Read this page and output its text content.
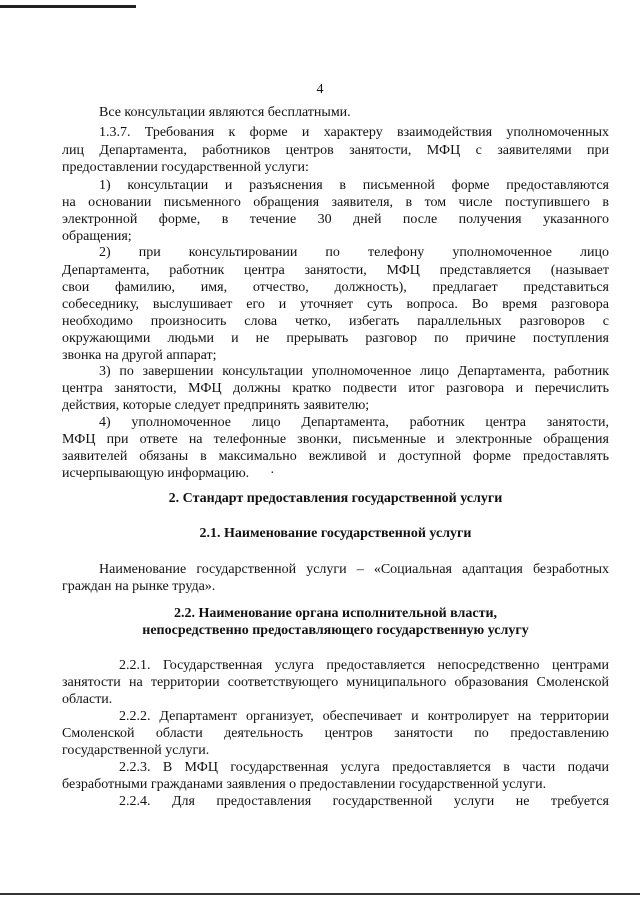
4
Все консультации являются бесплатными.
1.3.7. Требования к форме и характеру взаимодействия уполномоченных
лиц Департамента, работников центров занятости, МФЦ с заявителями при
предоставлении государственной услуги:
1) консультации и разъяснения в письменной форме предоставляются
на основании письменного обращения заявителя, в том числе поступившего в
электронной форме, в течение 30 дней после получения указанного
обращения;
2) при консультировании по телефону уполномоченное лицо
Департамента, работник центра занятости, МФЦ представляется (называет
свои фамилию, имя, отчество, должность), предлагает представиться
собеседнику, выслушивает его и уточняет суть вопроса. Во время разговора
необходимо произносить слова четко, избегать параллельных разговоров с
окружающими людьми и не прерывать разговор по причине поступления
звонка на другой аппарат;
3) по завершении консультации уполномоченное лицо Департамента, работник
центра занятости, МФЦ должны кратко подвести итог разговора и перечислить
действия, которые следует предпринять заявителю;
4) уполномоченное лицо Департамента, работник центра занятости,
МФЦ при ответе на телефонные звонки, письменные и электронные обращения
заявителей обязаны в максимально вежливой и доступной форме предоставлять
исчерпывающую информацию.	·
2. Стандарт предоставления государственной услуги
2.1. Наименование государственной услуги
Наименование государственной услуги – «Социальная адаптация безработных
граждан на рынке труда».
2.2. Наименование органа исполнительной власти,
непосредственно предоставляющего государственную услугу
2.2.1. Государственная услуга предоставляется непосредственно центрами
занятости на территории соответствующего муниципального образования Смоленской
области.
2.2.2. Департамент организует, обеспечивает и контролирует на территории
Смоленской области деятельность центров занятости по предоставлению
государственной услуги.
2.2.3. В МФЦ государственная услуга предоставляется в части подачи
безработными гражданами заявления о предоставлении государственной услуги.
2.2.4. Для предоставления государственной услуги не требуется
